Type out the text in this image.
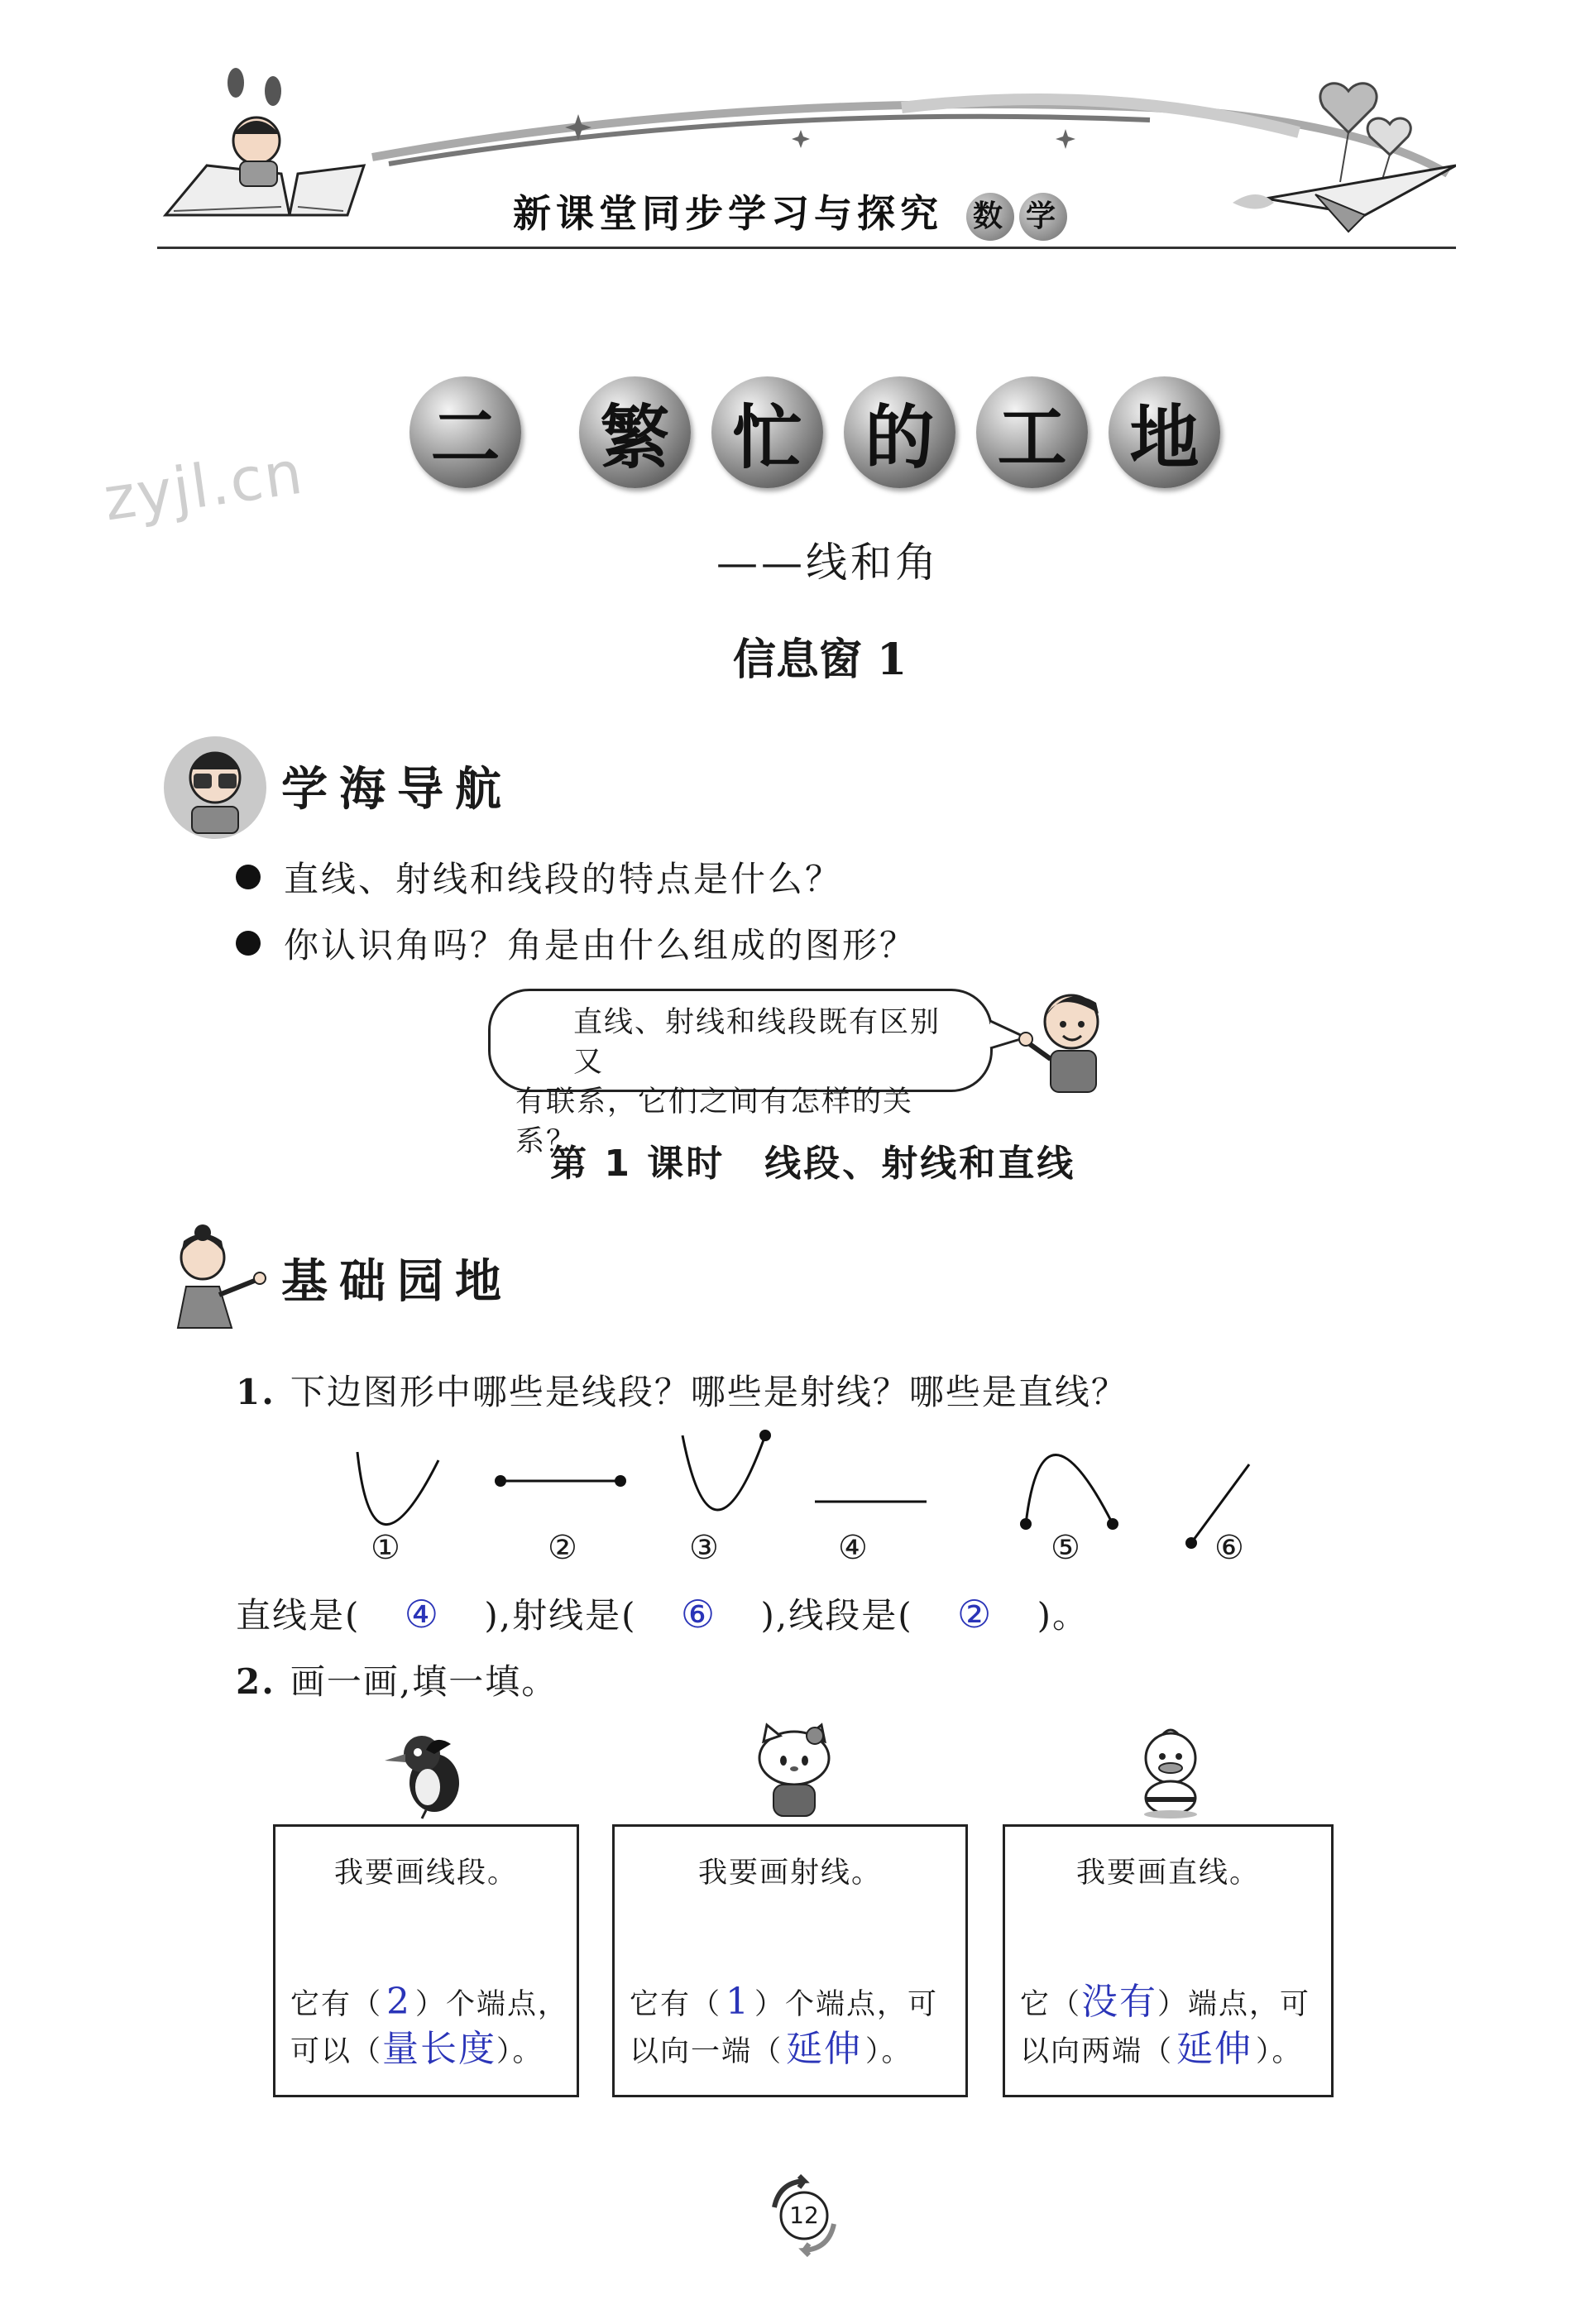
新课堂同步学习与探究 数 学
zyjl.cn	二	繁 忙 的 工 地
——线和角
信息窗 1
学海导航
直线、射线和线段的特点是什么？
你认识角吗？角是由什么组成的图形？
直线、射线和线段既有区别又
有联系，它们之间有怎样的关系？
第 1 课时 线段、射线和直线
基础园地
1. 下边图形中哪些是线段？哪些是射线？哪些是直线？
①	②	③	④	⑤	⑥
直线是( ④ ),射线是( ⑥ ),线段是( ② )。
2. 画一画,填一填。
我要画线段。
它有（ 2 ）个端点，
可以（量长度）。
我要画射线。
它有（ 1 ）个端点，可
以向一端（延伸 ）。
我要画直线。
它（没有）端点，可
以向两端（延伸 ）。
12
